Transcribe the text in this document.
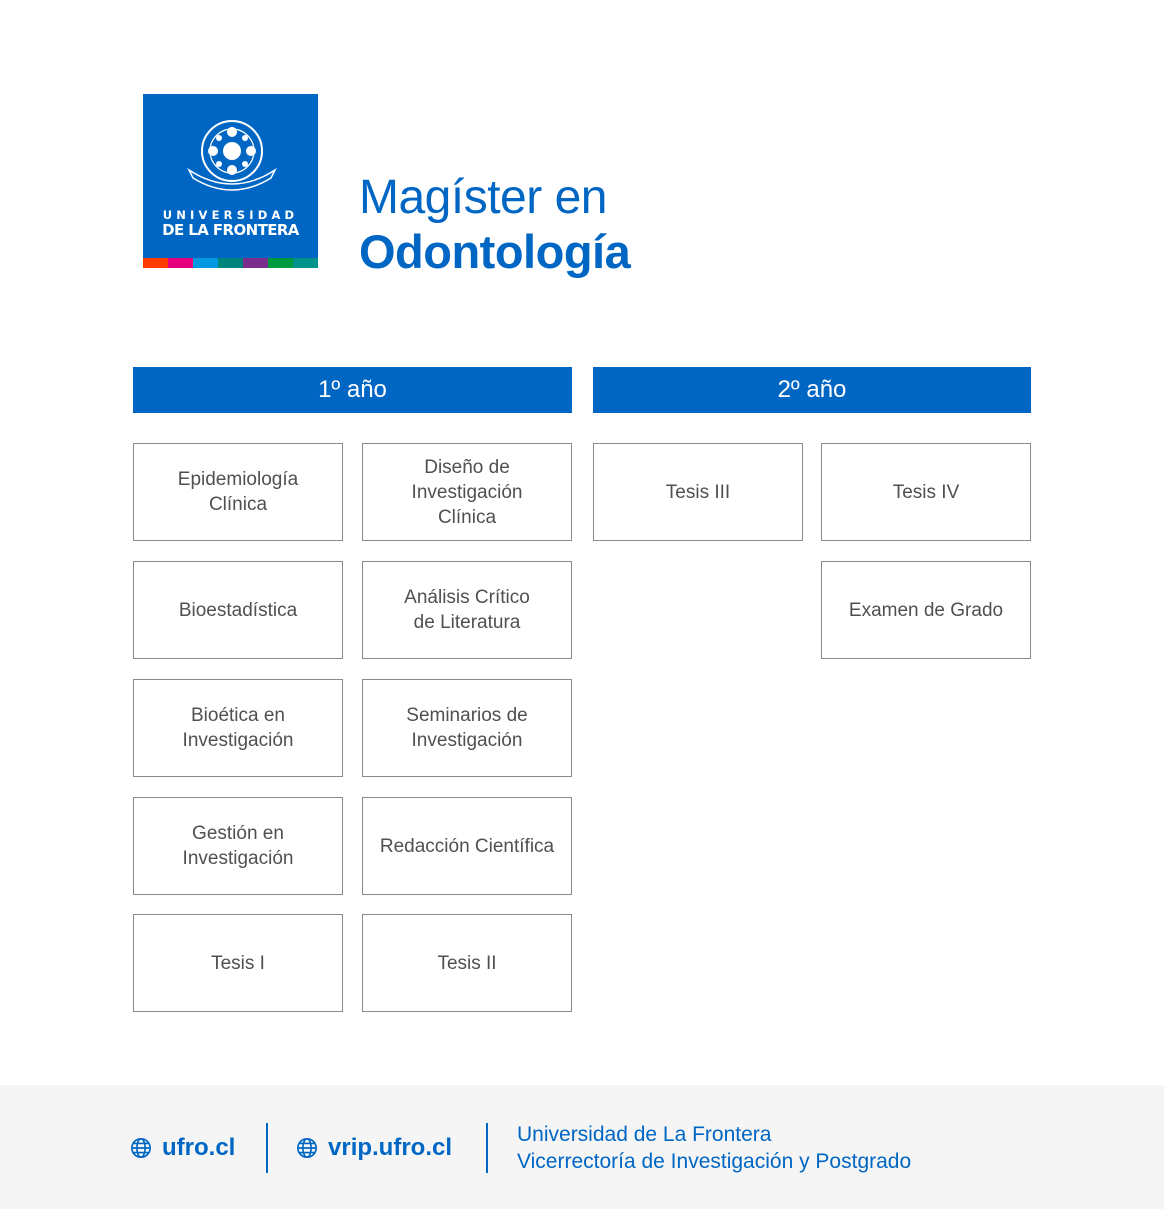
UNIVERSIDAD
DE LA FRONTERA
Magíster en
Odontología
1º año	2º año
Epidemiología
Clínica
Diseño de
Investigación
Clínica
Bioestadística
Análisis Crítico
de Literatura
Bioética en
Investigación
Seminarios de
Investigación
Gestión en
Investigación
Redacción Científica
Tesis I	Tesis II
Tesis III	Tesis IV
Examen de Grado
ufro.cl	vrip.ufro.cl	Universidad de La Frontera
Vicerrectoría de Investigación y Postgrado
